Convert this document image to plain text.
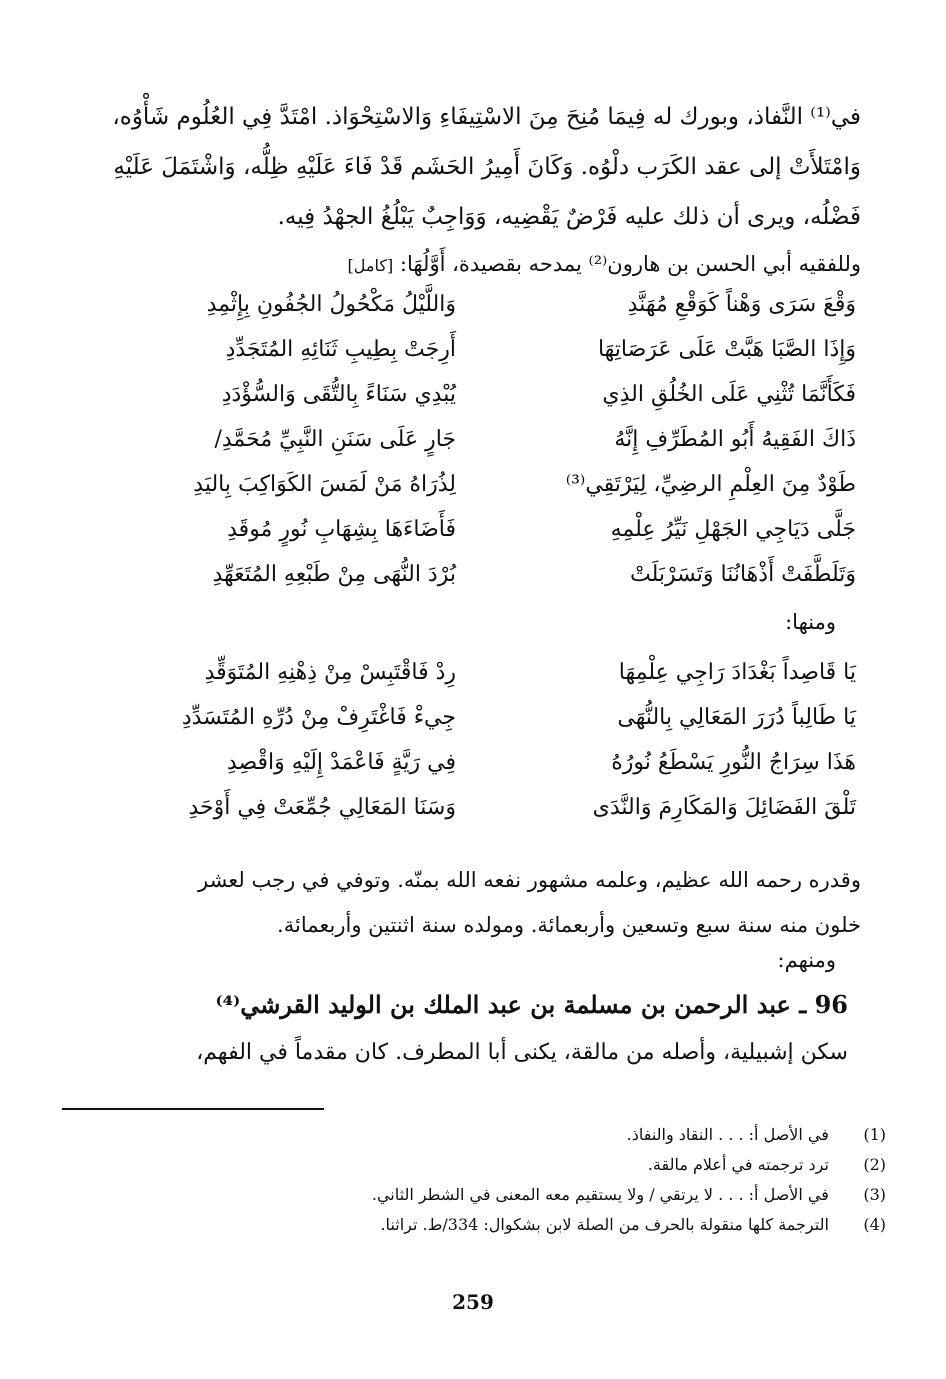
في⁽¹⁾ النَّفاذ، وبورك له فِيمَا مُنِحَ مِنَ الاسْتِيفَاءِ وَالاسْتِحْوَاذ. امْتَدَّ فِي العُلُوم شَأْوُه،
وَامْتَلأَتْ إلى عقد الكَرَب دلْوُه. وَكَانَ أَمِيرُ الحَشَم قَدْ فَاءَ عَلَيْهِ ظِلُّه، وَاشْتَمَلَ عَلَيْهِ
فَضْلُه، ويرى أن ذلك عليه فَرْضٌ يَقْضِيه، وَوَاجِبٌ يَبْلُغُ الجهْدُ فِيه.
وللفقيه أبي الحسن بن هارون⁽²⁾ يمدحه بقصيدة، أَوَّلُهَا: [كامل]
وَقْعَ سَرَى وَهْناً كَوَقْعِ مُهَنَّدِ
وَاللَّيْلُ مَكْحُولُ الجُفُونِ بِإِثْمِدِ
وَإِذَا الصَّبَا هَبَّتْ عَلَى عَرَصَاتِهَا
أَرِجَتْ بِطِيبِ ثَنَائِهِ المُتَجَدِّدِ
فَكَأَنَّمَا تُثْنِي عَلَى الخُلُقِ الذِي
يُبْدِي سَنَاءً بِالتُّقَى وَالسُّؤْدَدِ
ذَاكَ الفَقِيهُ أَبُو المُطَرِّفِ إِنَّهُ
جَارٍ عَلَى سَنَنِ النَّبِيِّ مُحَمَّدِ/
طَوْدٌ مِنَ العِلْمِ الرضِيِّ، لِيَرْتَقِي⁽³⁾
لِذُرَاهُ مَنْ لَمَسَ الكَوَاكِبَ بِاليَدِ
جَلَّى دَيَاجِي الجَهْلِ نَيِّرُ عِلْمِهِ
فَأَضَاءَهَا بِشِهَابِ نُورٍ مُوقَدِ
وَتَلَطَّفَتْ أَذْهَانُنَا وَتَسَرْبَلَتْ
بُرْدَ النُّهَى مِنْ طَبْعِهِ المُتَعَهِّدِ
ومنها:
يَا قَاصِداً بَغْدَادَ رَاجِي عِلْمِهَا
رِدْ فَاقْتَبِسْ مِنْ ذِهْنِهِ المُتَوَقِّدِ
يَا طَالِباً دُرَرَ المَعَالِي بِالنُّهَى
جِيءْ فَاغْتَرِفْ مِنْ دُرِّهِ المُتَسَدِّدِ
هَذَا سِرَاجُ النُّورِ يَسْطَعُ نُورُهُ
فِي رَيَّةٍ فَاعْمَدْ إِلَيْهِ وَاقْصِدِ
تَلْقَ الفَضَائِلَ وَالمَكَارِمَ وَالنَّدَى
وَسَنَا المَعَالِي جُمِّعَتْ فِي أَوْحَدِ
وقدره رحمه الله عظيم، وعلمه مشهور نفعه الله بمنّه. وتوفي في رجب لعشر
خلون منه سنة سبع وتسعين وأربعمائة. ومولده سنة اثنتين وأربعمائة.
ومنهم:
96 ـ عبد الرحمن بن مسلمة بن عبد الملك بن الوليد القرشي⁽⁴⁾
سكن إشبيلية، وأصله من مالقة، يكنى أبا المطرف. كان مقدماً في الفهم،
(1) في الأصل أ: . . . النقاد والنفاذ.
(2) ترد ترجمته في أعلام مالقة.
(3) في الأصل أ: . . . لا يرتقي / ولا يستقيم معه المعنى في الشطر الثاني.
(4) الترجمة كلها منقولة بالحرف من الصلة لابن بشكوال: 334/ط. تراثنا.
259
